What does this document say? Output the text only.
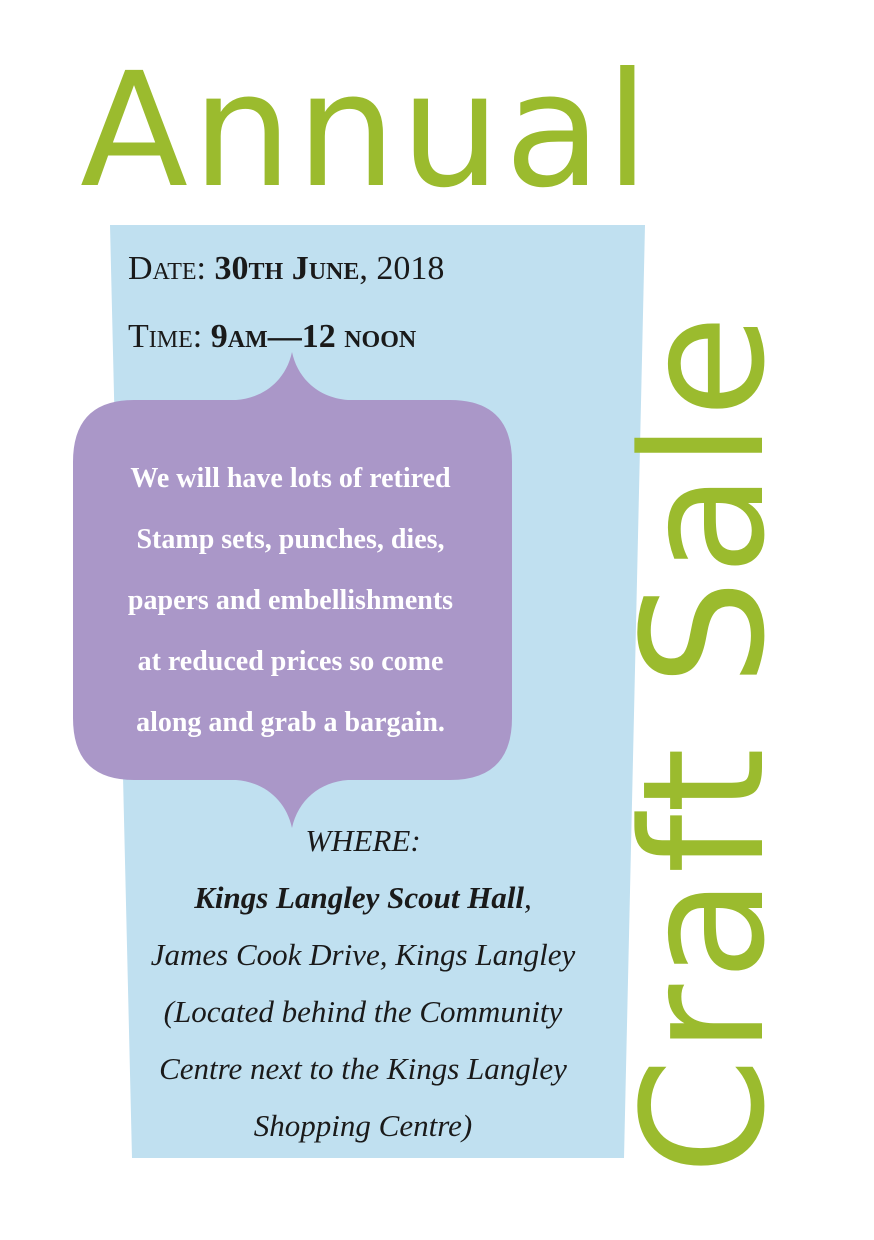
Annual
Craft Sale
Date: 30th June, 2018
Time: 9am—12 noon
We will have lots of retired
Stamp sets, punches, dies,
papers and embellishments
at reduced prices so come
along and grab a bargain.
WHERE:
Kings Langley Scout Hall,
James Cook Drive, Kings Langley
(Located behind the Community
Centre next to the Kings Langley
Shopping Centre)
